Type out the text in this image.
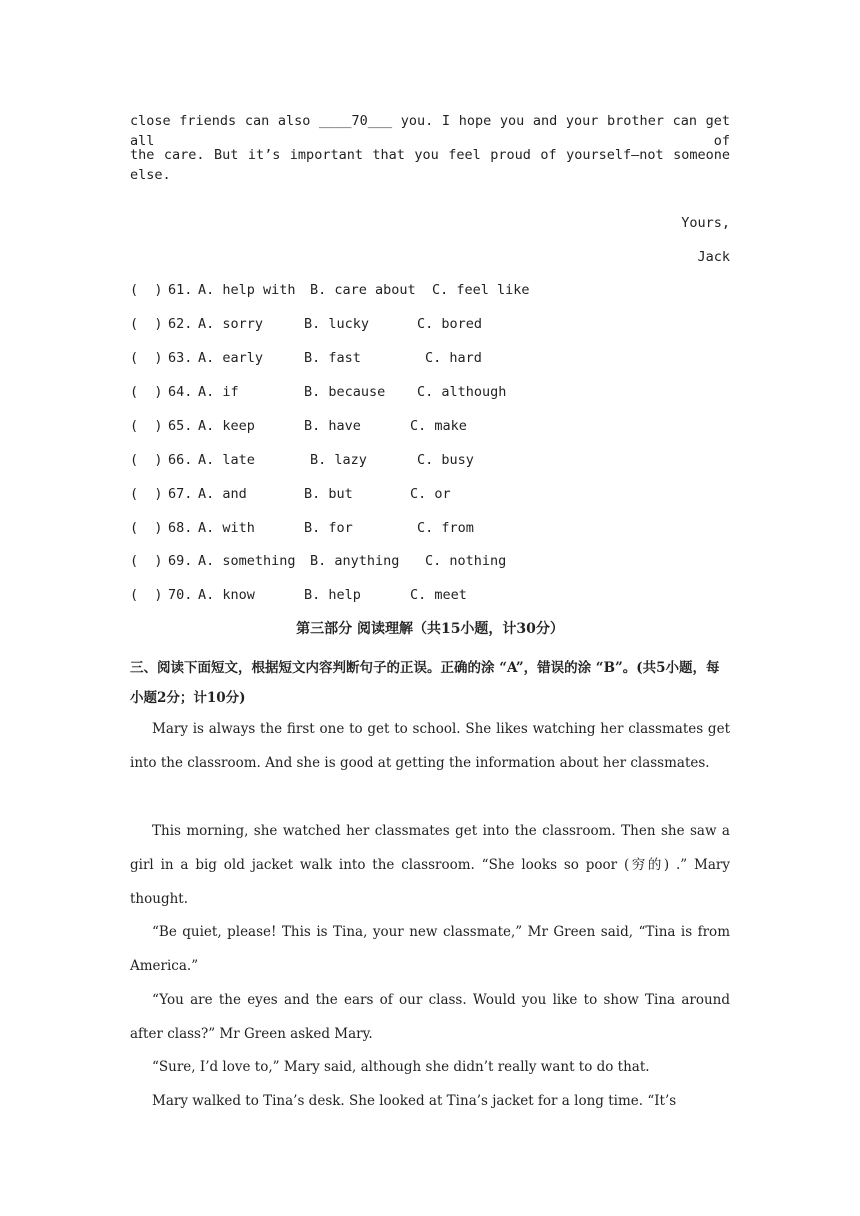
close friends can also ____70___ you. I hope you and your brother can get all of
the care. But it’s important that you feel proud of yourself—not someone else.
Yours,
Jack
(  ) 61. A. help with B. care about C. feel like
(  ) 62. A. sorry	B. lucky	C. bored
(  ) 63. A. early	B. fast	C. hard
(  ) 64. A. if	B. because C. although
(  ) 65. A. keep	B. have	C. make
(  ) 66. A. late	B. lazy	C. busy
(  ) 67. A. and	B. but	C. or
(  ) 68. A. with	B. for	C. from
(  ) 69. A. something B. anything C. nothing
(  ) 70. A. know	B. help	C. meet
第三部分 阅读理解（共15小题，计30分）
三、阅读下面短文，根据短文内容判断句子的正误。正确的涂 “A”，错误的涂 “B”。(共5小题，每小题2分；计10分)
Mary is always the first one to get to school. She likes watching her classmates get into the classroom. And she is good at getting the information about her classmates.
This morning, she watched her classmates get into the classroom. Then she saw a girl in a big old jacket walk into the classroom. “She looks so poor (穷的) .” Mary thought.
“Be quiet, please! This is Tina, your new classmate,” Mr Green said, “Tina is from America.”
“You are the eyes and the ears of our class. Would you like to show Tina around after class?” Mr Green asked Mary.
“Sure, I’d love to,” Mary said, although she didn’t really want to do that.
Mary walked to Tina’s desk. She looked at Tina’s jacket for a long time. “It’s
